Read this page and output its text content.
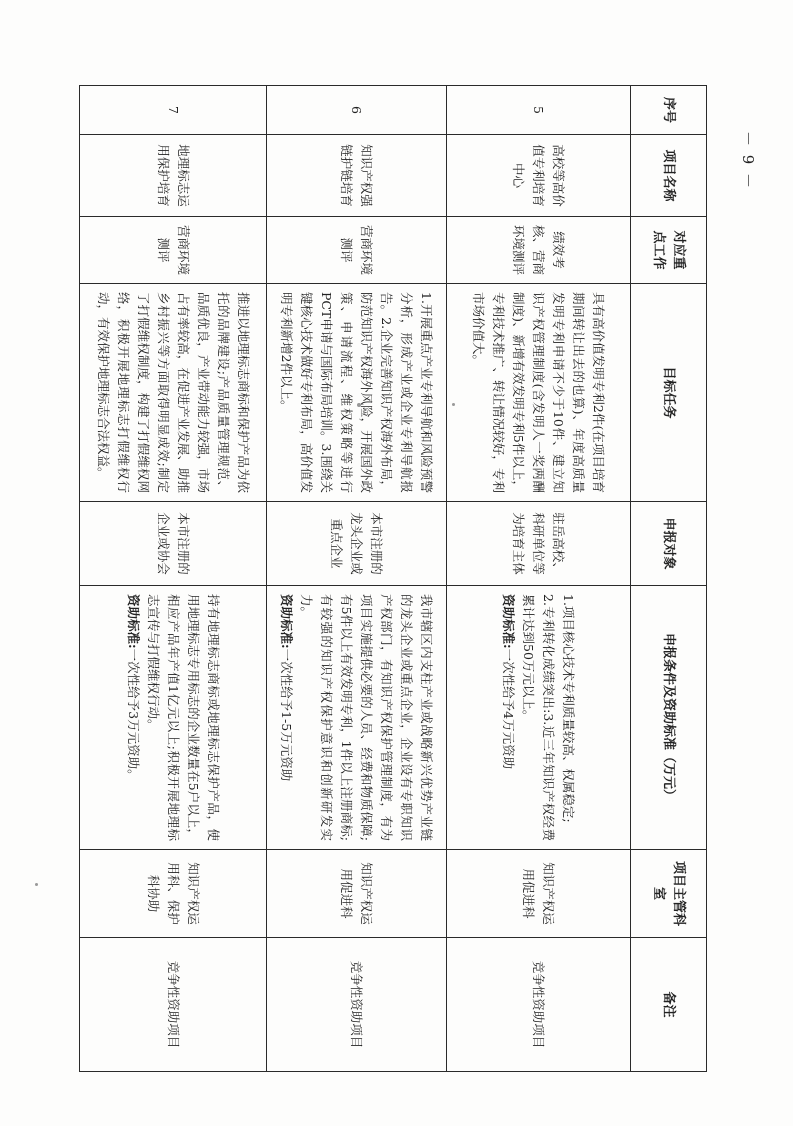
－ 9 －
序号	项目名称	对应重点工作	目标任务	申报对象	申报条件及资助标准（万元）	项目主管科室	备注
5	高校等高价值专利培育中心	绩效考核、营商环境测评	具有高价值发明专利2件(在项目培育期间转让出去的也算)、年度高质量发明专利申请不少于10件、建立知识产权管理制度(含发明人一奖两酬制度)、新增有效发明专利5件以上，专利技术推广、转让情况较好，专利市场价值大。	驻岳高校、科研单位等为培育主体	1.项目核心技术专利质量较高、权属稳定;
2.专利转化成绩突出:3.近三年知识产权经费累计达到50万元以上。
资助标准:一次性给予4万元资助	知识产权运用促进科	竞争性资助项目
6	知识产权强链护链培育	营商环境测评	1.开展重点产业专利导航和风险预警分析，形成产业或企业专利导航报告。2.企业完善知识产权海外布局，防范知识产权海外风险，开展国外政策、申请流程、维权策略等进行PCT申请与国际布局培训。3.围绕关键核心技术做好专利布局，高价值发明专利新增2件以上。	本市注册的龙头企业或重点企业	我市辖区内支柱产业或战略新兴优势产业链的龙头企业或重点企业，企业设有专职知识产权部门，有知识产权保护管理制度，有为项目实施提供必要的人员、经费和物质保障;有5件以上有效发明专利，1件以上注册商标;有较强的知识产权保护意识和创新研发实力。
资助标准:一次性给予1-5万元资助	知识产权运用促进科	竞争性资助项目
7	地理标志运用保护培育	营商环境测评	推进以地理标志商标和保护产品为依托的品牌建设;产品质量管理规范、品质优良，产业带动能力较强，市场占有率较高，在促进产业发展、助推乡村振兴等方面取得明显成效;制定了打假维权制度，构建了打假维权网络，积极开展地理标志打假维权行动，有效保护地理标志合法权益。	本市注册的企业或协会	持有地理标志商标或地理标志保护产品，使用地理标志专用标志的企业数量在5户以上，相应产品年产值1亿元以上;积极开展地理标志宣传与打假维权行动。
资助标准:一次性给予3万元资助。	知识产权运用科、保护科协助	竞争性资助项目
